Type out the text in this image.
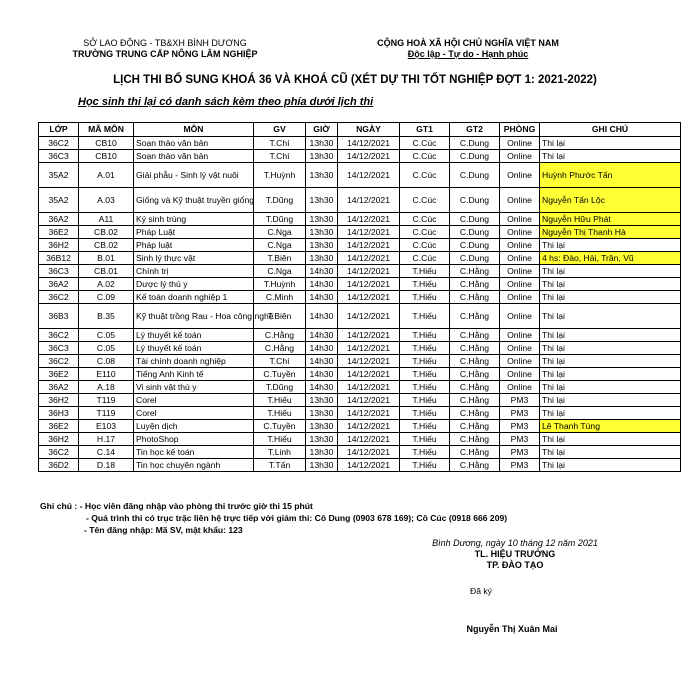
SỞ LAO ĐỘNG - TB&XH BÌNH DƯƠNG
TRƯỜNG TRUNG CẤP NÔNG LÂM NGHIỆP
CỘNG HOÀ XÃ HỘI CHỦ NGHĨA VIỆT NAM
Độc lập - Tự do - Hạnh phúc
LỊCH THI BỔ SUNG KHOÁ 36 VÀ KHOÁ CŨ (XÉT DỰ THI TỐT NGHIỆP ĐỢT 1: 2021-2022)
Học sinh thi lại có danh sách kèm theo phía dưới lịch thi
LỚP	MÃ MÔN	MÔN	GV	GIỜ	NGÀY	GT1	GT2	PHÒNG	GHI CHÚ
36C2	CB10	Soạn thảo văn bản	T.Chí	13h30	14/12/2021	C.Cúc	C.Dung	Online	Thi lại
36C3	CB10	Soạn thảo văn bản	T.Chí	13h30	14/12/2021	C.Cúc	C.Dung	Online	Thi lại
35A2	A.01	Giải phẫu - Sinh lý vật nuôi	T.Huỳnh	13h30	14/12/2021	C.Cúc	C.Dung	Online	Huỳnh Phước Tấn
35A2	A.03	Giống và Kỹ thuật truyền giống	T.Dũng	13h30	14/12/2021	C.Cúc	C.Dung	Online	Nguyễn Tấn Lộc
36A2	A11	Ký sinh trùng	T.Dũng	13h30	14/12/2021	C.Cúc	C.Dung	Online	Nguyễn Hữu Phát
36E2	CB.02	Pháp Luật	C.Nga	13h30	14/12/2021	C.Cúc	C.Dung	Online	Nguyễn Thị Thanh Hà
36H2	CB.02	Pháp luật	C.Nga	13h30	14/12/2021	C.Cúc	C.Dung	Online	Thi lại
36B12	B.01	Sinh lý thực vật	T.Biên	13h30	14/12/2021	C.Cúc	C.Dung	Online	4 hs: Đào, Hải, Trân, Vũ
36C3	CB.01	Chính trị	C.Nga	14h30	14/12/2021	T.Hiếu	C.Hằng	Online	Thi lại
36A2	A.02	Dược lý thú y	T.Huỳnh	14h30	14/12/2021	T.Hiếu	C.Hằng	Online	Thi lại
36C2	C.09	Kế toán doanh nghiệp 1	C.Minh	14h30	14/12/2021	T.Hiếu	C.Hằng	Online	Thi lại
36B3	B.35	Kỹ thuật trồng Rau - Hoa công nghệ	T.Biên	14h30	14/12/2021	T.Hiếu	C.Hằng	Online	Thi lại
36C2	C.05	Lý thuyết kế toán	C.Hằng	14h30	14/12/2021	T.Hiếu	C.Hằng	Online	Thi lại
36C3	C.05	Lý thuyết kế toán	C.Hằng	14h30	14/12/2021	T.Hiếu	C.Hằng	Online	Thi lại
36C2	C.08	Tài chính doanh nghiệp	T.Chí	14h30	14/12/2021	T.Hiếu	C.Hằng	Online	Thi lại
36E2	E110	Tiếng Anh Kinh tế	C.Tuyền	14h30	14/12/2021	T.Hiếu	C.Hằng	Online	Thi lại
36A2	A.18	Vi sinh vật thú y	T.Dũng	14h30	14/12/2021	T.Hiếu	C.Hằng	Online	Thi lại
36H2	T119	Corel	T.Hiếu	13h30	14/12/2021	T.Hiếu	C.Hằng	PM3	Thi lại
36H3	T119	Corel	T.Hiếu	13h30	14/12/2021	T.Hiếu	C.Hằng	PM3	Thi lại
36E2	E103	Luyện dịch	C.Tuyền	13h30	14/12/2021	T.Hiếu	C.Hằng	PM3	Lê Thanh Tùng
36H2	H.17	PhotoShop	T.Hiếu	13h30	14/12/2021	T.Hiếu	C.Hằng	PM3	Thi lại
36C2	C.14	Tin học kế toán	T.Linh	13h30	14/12/2021	T.Hiếu	C.Hằng	PM3	Thi lại
36D2	D.18	Tin học chuyên ngành	T.Tấn	13h30	14/12/2021	T.Hiếu	C.Hằng	PM3	Thi lại
Ghi chú : - Học viên đăng nhập vào phòng thi trước giờ thi 15 phút
- Quá trình thi có trục trặc liên hệ trực tiếp với giám thi: Cô Dung (0903 678 169); Cô Cúc (0918 666 209)
- Tên đăng nhập: Mã SV, mật khẩu: 123
Bình Dương, ngày 10 tháng 12 năm 2021
TL. HIỆU TRƯỞNG
TP. ĐÀO TẠO
Đã ký
Nguyễn Thị Xuân Mai
